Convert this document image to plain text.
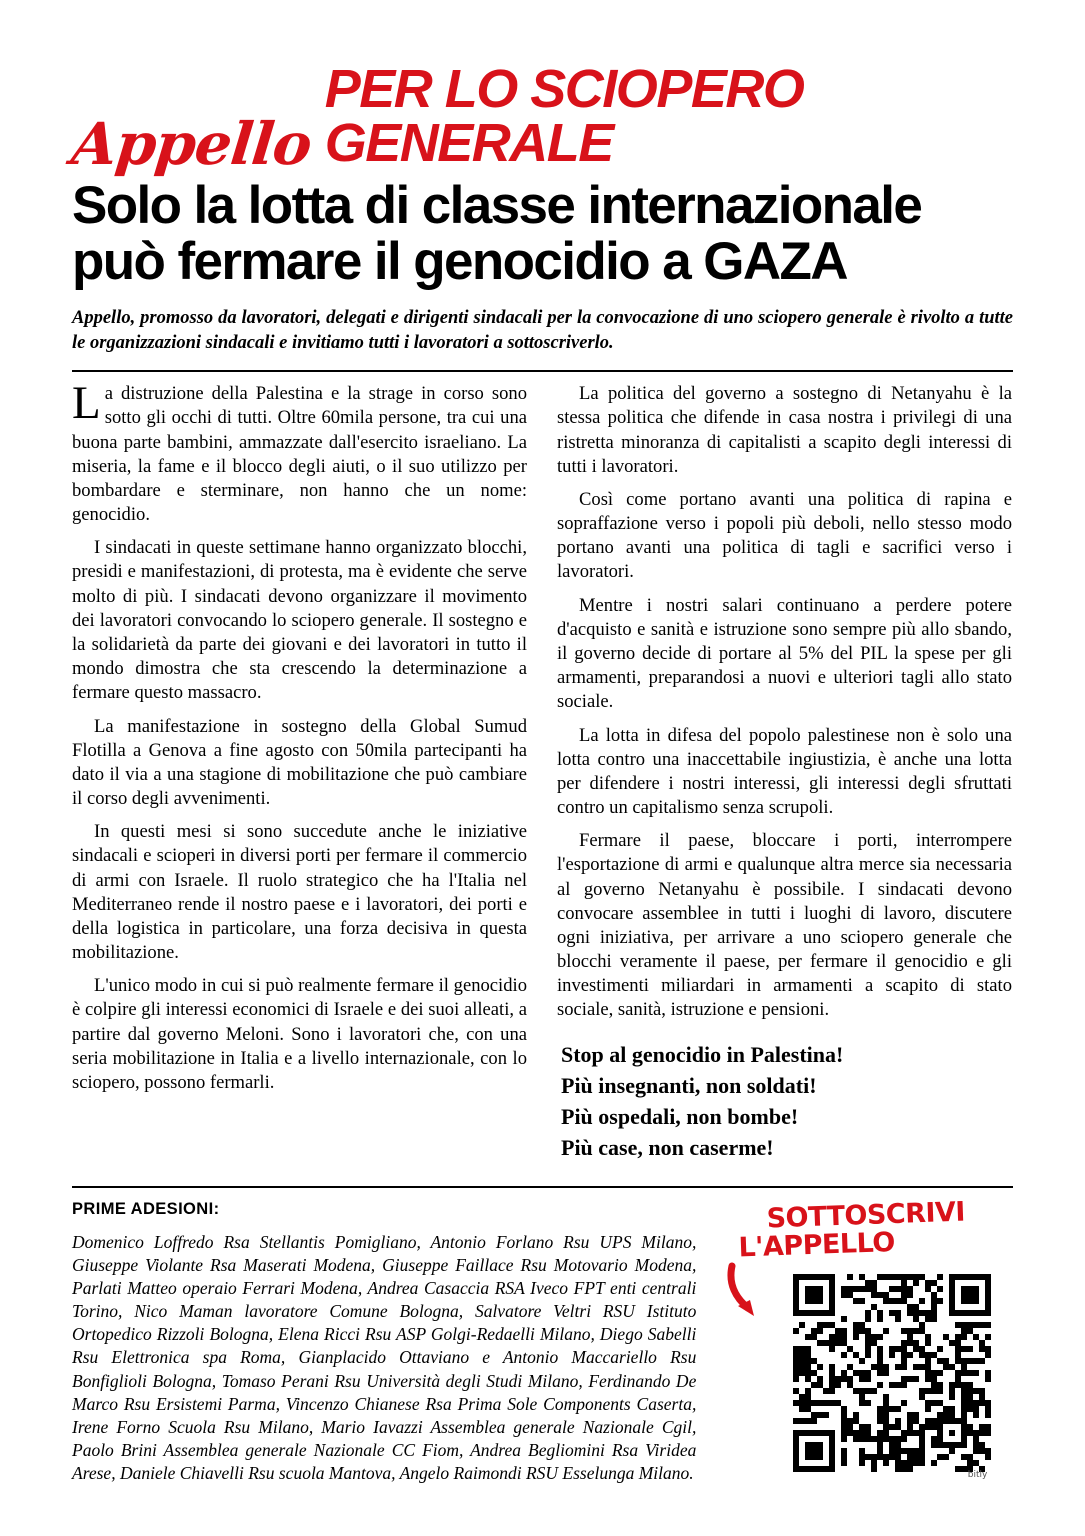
Appello
PER LO SCIOPERO GENERALE
Solo la lotta di classe internazionale
può fermare il genocidio a GAZA

Appello, promosso da lavoratori, delegati e dirigenti sindacali per la convocazione di uno sciopero generale è rivolto a tutte le organizzazioni sindacali e invitiamo tutti i lavoratori a sottoscriverlo.

La distruzione della Palestina e la strage in corso sono sotto gli occhi di tutti. Oltre 60mila persone, tra cui una buona parte bambini, ammazzate dall'esercito israeliano. La miseria, la fame e il blocco degli aiuti, o il suo utilizzo per bombardare e sterminare, non hanno che un nome: genocidio.

I sindacati in queste settimane hanno organizzato blocchi, presidi e manifestazioni, di protesta, ma è evidente che serve molto di più. I sindacati devono organizzare il movimento dei lavoratori convocando lo sciopero generale. Il sostegno e la solidarietà da parte dei giovani e dei lavoratori in tutto il mondo dimostra che sta crescendo la determinazione a fermare questo massacro.

La manifestazione in sostegno della Global Sumud Flotilla a Genova a fine agosto con 50mila partecipanti ha dato il via a una stagione di mobilitazione che può cambiare il corso degli avvenimenti.

In questi mesi si sono succedute anche le iniziative sindacali e scioperi in diversi porti per fermare il commercio di armi con Israele. Il ruolo strategico che ha l'Italia nel Mediterraneo rende il nostro paese e i lavoratori, dei porti e della logistica in particolare, una forza decisiva in questa mobilitazione.

L'unico modo in cui si può realmente fermare il genocidio è colpire gli interessi economici di Israele e dei suoi alleati, a partire dal governo Meloni. Sono i lavoratori che, con una seria mobilitazione in Italia e a livello internazionale, con lo sciopero, possono fermarli.

La politica del governo a sostegno di Netanyahu è la stessa politica che difende in casa nostra i privilegi di una ristretta minoranza di capitalisti a scapito degli interessi di tutti i lavoratori.

Così come portano avanti una politica di rapina e sopraffazione verso i popoli più deboli, nello stesso modo portano avanti una politica di tagli e sacrifici verso i lavoratori.

Mentre i nostri salari continuano a perdere potere d'acquisto e sanità e istruzione sono sempre più allo sbando, il governo decide di portare al 5% del PIL la spese per gli armamenti, preparandosi a nuovi e ulteriori tagli allo stato sociale.

La lotta in difesa del popolo palestinese non è solo una lotta contro una inaccettabile ingiustizia, è anche una lotta per difendere i nostri interessi, gli interessi degli sfruttati contro un capitalismo senza scrupoli.

Fermare il paese, bloccare i porti, interrompere l'esportazione di armi e qualunque altra merce sia necessaria al governo Netanyahu è possibile. I sindacati devono convocare assemblee in tutti i luoghi di lavoro, discutere ogni iniziativa, per arrivare a uno sciopero generale che blocchi veramente il paese, per fermare il genocidio e gli investimenti miliardari in armamenti a scapito di stato sociale, sanità, istruzione e pensioni.

Stop al genocidio in Palestina!
Più insegnanti, non soldati!
Più ospedali, non bombe!
Più case, non caserme!
PRIME ADESIONI:

Domenico Loffredo Rsa Stellantis Pomigliano, Antonio Forlano Rsu UPS Milano, Giuseppe Violante Rsa Maserati Modena, Giuseppe Faillace Rsu Motovario Modena, Parlati Matteo operaio Ferrari Modena, Andrea Casaccia RSA Iveco FPT enti centrali Torino, Nico Maman lavoratore Comune Bologna, Salvatore Veltri RSU Istituto Ortopedico Rizzoli Bologna, Elena Ricci Rsu ASP Golgi-Redaelli Milano, Diego Sabelli Rsu Elettronica spa Roma, Gianplacido Ottaviano e Antonio Maccariello Rsu Bonfiglioli Bologna, Tomaso Perani Rsu Università degli Studi Milano, Ferdinando De Marco Rsu Ersistemi Parma, Vincenzo Chianese Rsa Prima Sole Components Caserta, Irene Forno Scuola Rsu Milano, Mario Iavazzi Assemblea generale Nazionale Cgil, Paolo Brini Assemblea generale Nazionale CC Fiom, Andrea Begliomini Rsa Viridea Arese, Daniele Chiavelli Rsu scuola Mantova, Angelo Raimondi RSU Esselunga Milano.

SOTTOSCRIVI
L'APPELLO
bitly
